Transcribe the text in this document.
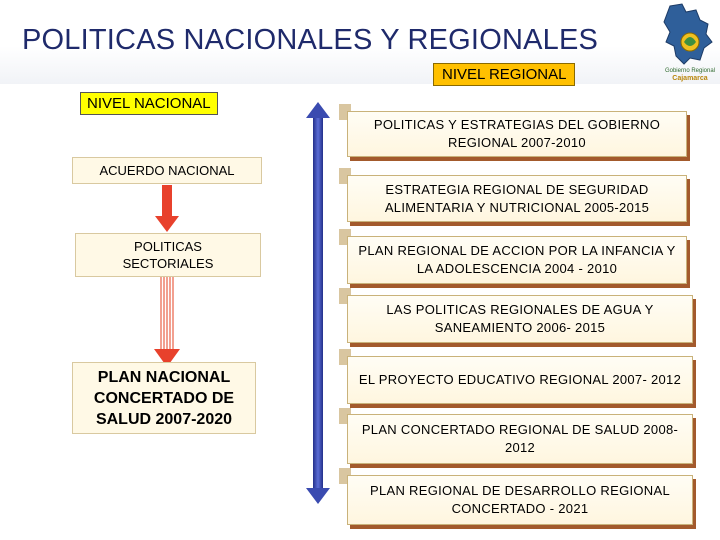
POLITICAS NACIONALES Y REGIONALES
Gobierno Regional
Cajamarca
NIVEL REGIONAL
NIVEL NACIONAL
ACUERDO NACIONAL
POLITICAS SECTORIALES
PLAN NACIONAL CONCERTADO DE SALUD 2007-2020
POLITICAS Y ESTRATEGIAS DEL GOBIERNO REGIONAL 2007-2010
ESTRATEGIA REGIONAL DE SEGURIDAD ALIMENTARIA Y NUTRICIONAL 2005-2015
PLAN REGIONAL DE ACCION POR LA INFANCIA Y LA ADOLESCENCIA 2004 - 2010
LAS POLITICAS REGIONALES DE AGUA Y SANEAMIENTO 2006- 2015
EL PROYECTO EDUCATIVO REGIONAL 2007- 2012
PLAN CONCERTADO REGIONAL DE SALUD 2008-2012
PLAN REGIONAL DE DESARROLLO REGIONAL CONCERTADO - 2021
